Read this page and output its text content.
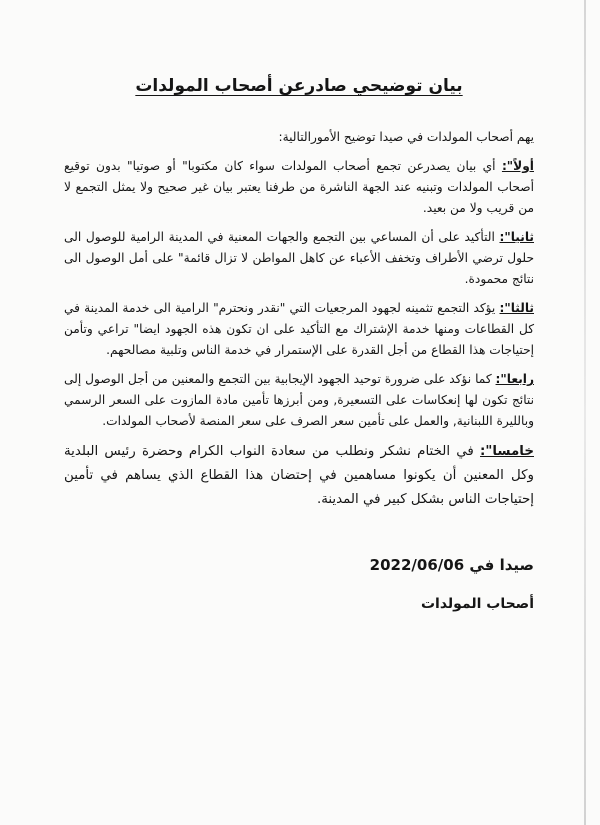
بيان توضيحي صادرعن أصحاب المولدات

يهم أصحاب المولدات في صيدا توضيح الأمورالتالية:

أولاً": أي بيان يصدرعن تجمع أصحاب المولدات سواء كان مكتوبا" أو صوتيا" بدون توقيع أصحاب المولدات وتبنيه عند الجهة الناشرة من طرفنا يعتبر بيان غير صحيح ولا يمثل التجمع لا من قريب ولا من بعيد.

ثانيا": التأكيد على أن المساعي بين التجمع والجهات المعنية في المدينة الرامية للوصول الى حلول ترضي الأطراف وتخفف الأعباء عن كاهل المواطن لا تزال قائمة" على أمل الوصول الى نتائج محمودة.

ثالثا": يؤكد التجمع تثمينه لجهود المرجعيات التي "نقدر ونحترم" الرامية الى خدمة المدينة في كل القطاعات ومنها خدمة الإشتراك مع التأكيد على ان تكون هذه الجهود ايضا" تراعي وتأمن إحتياجات هذا القطاع من أجل القدرة على الإستمرار في خدمة الناس وتلبية مصالحهم.

رابعا": كما نؤكد على ضرورة توحيد الجهود الإيجابية بين التجمع والمعنين من أجل الوصول إلى نتائج تكون لها إنعكاسات على التسعيرة, ومن أبرزها تأمين مادة المازوت على السعر الرسمي وبالليرة اللبنانية, والعمل على تأمين سعر الصرف على سعر المنصة لأصحاب المولدات.

خامسا": في الختام نشكر ونطلب من سعادة النواب الكرام وحضرة رئيس البلدية وكل المعنين أن يكونوا مساهمين في إحتضان هذا القطاع الذي يساهم في تأمين إحتياجات الناس بشكل كبير في المدينة.

صيدا في 2022/06/06

أصحاب المولدات
